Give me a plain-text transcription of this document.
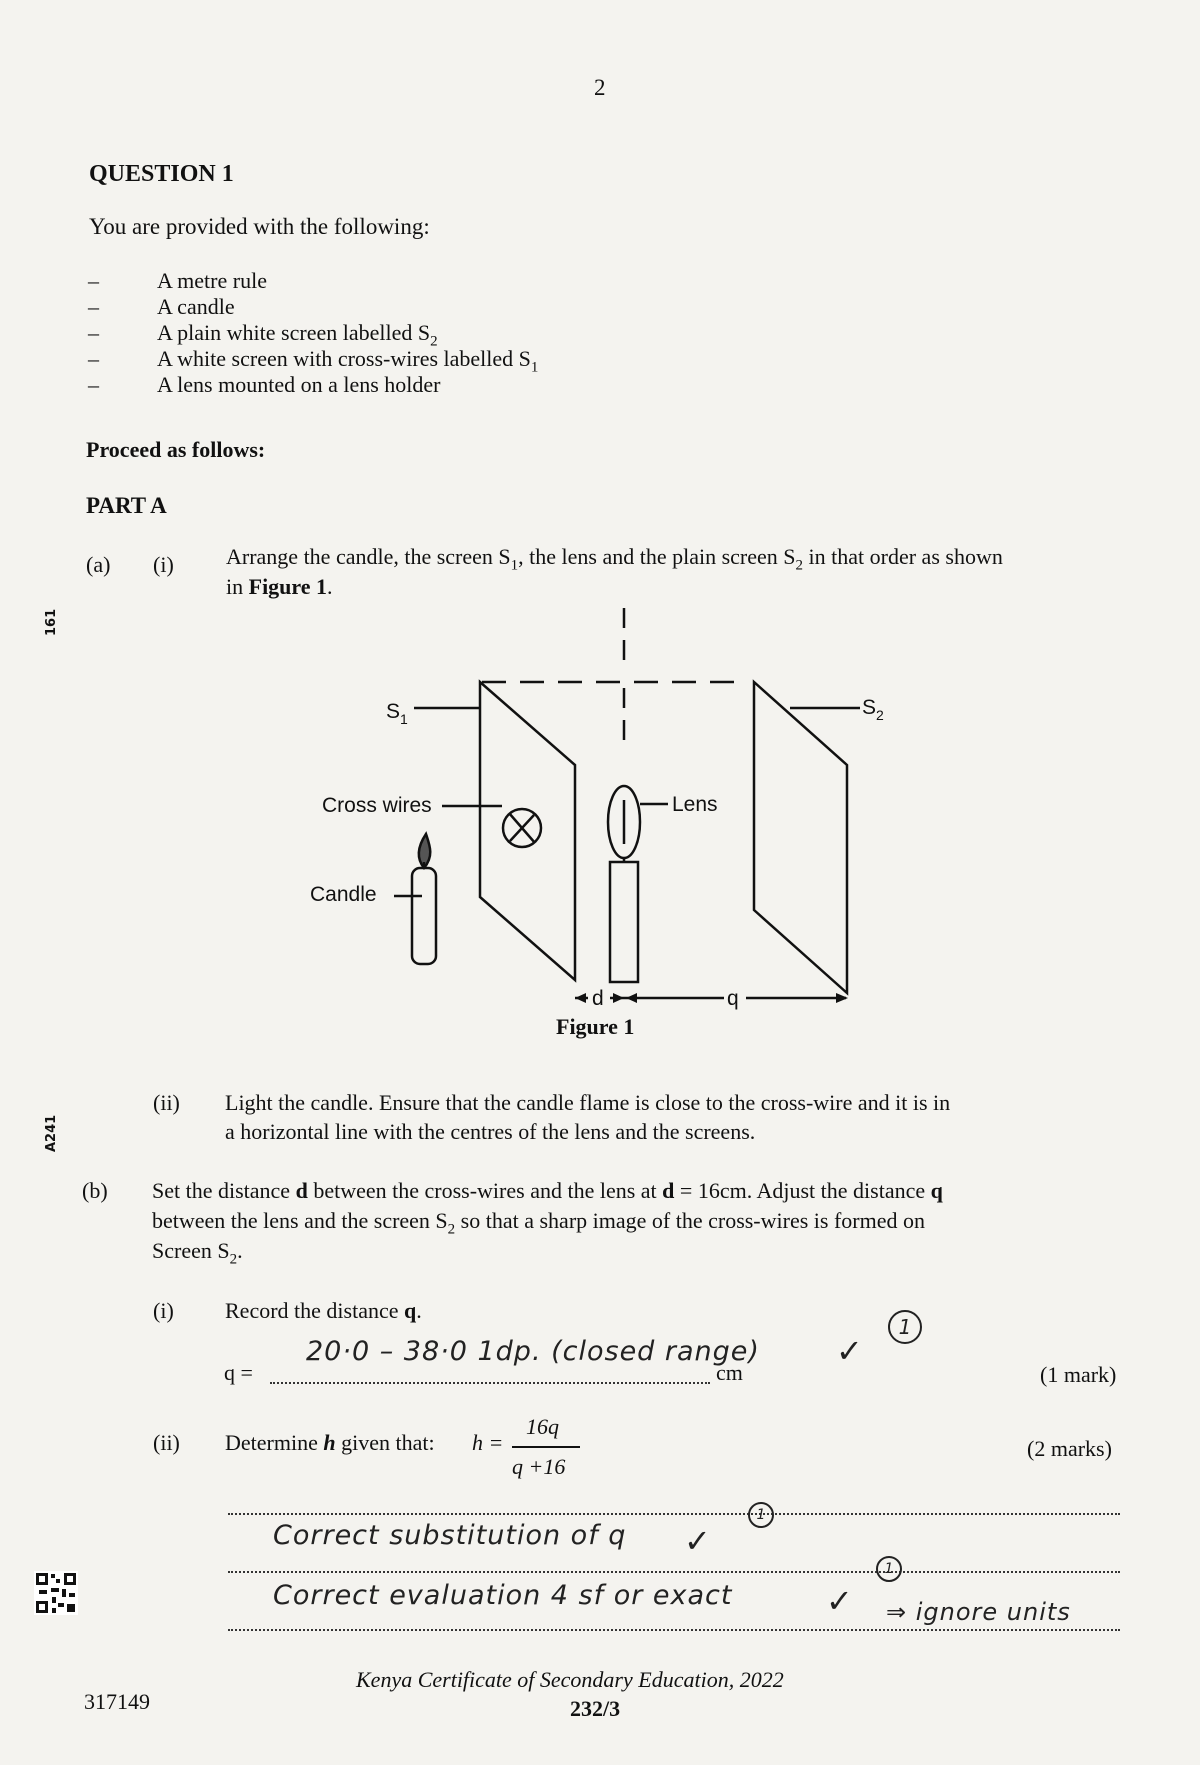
2
161
A241
QUESTION 1
You are provided with the following:
–	A metre rule
–	A candle
–	A plain white screen labelled $S_2$
–	A white screen with cross-wires labelled $S_1$
–	A lens mounted on a lens holder
Proceed as follows:
PART A
(a) (i) Arrange the candle, the screen $S_1$, the lens and the plain screen $S_2$ in that order as shown
in Figure 1.
$S_1$	$S_2$
Cross wires	Lens
Candle
d	q
Figure 1
(ii) Light the candle. Ensure that the candle flame is close to the cross-wire and it is in
a horizontal line with the centres of the lens and the screens.
(b) Set the distance d between the cross-wires and the lens at d = 16cm. Adjust the distance q
between the lens and the screen $S_2$ so that a sharp image of the cross-wires is formed on
Screen $S_2$.
(i) Record the distance q.
q =	cm
20·0 – 38·0 1dp. (closed range) ✓
1
(1 mark)
(ii) Determine h given that: h =
16q
q +16
(2 marks)
Correct substitution of q ✓
1
Correct evaluation 4 sf or exact	✓
1
⇒ ignore units
317149
Kenya Certificate of Secondary Education, 2022
232/3
